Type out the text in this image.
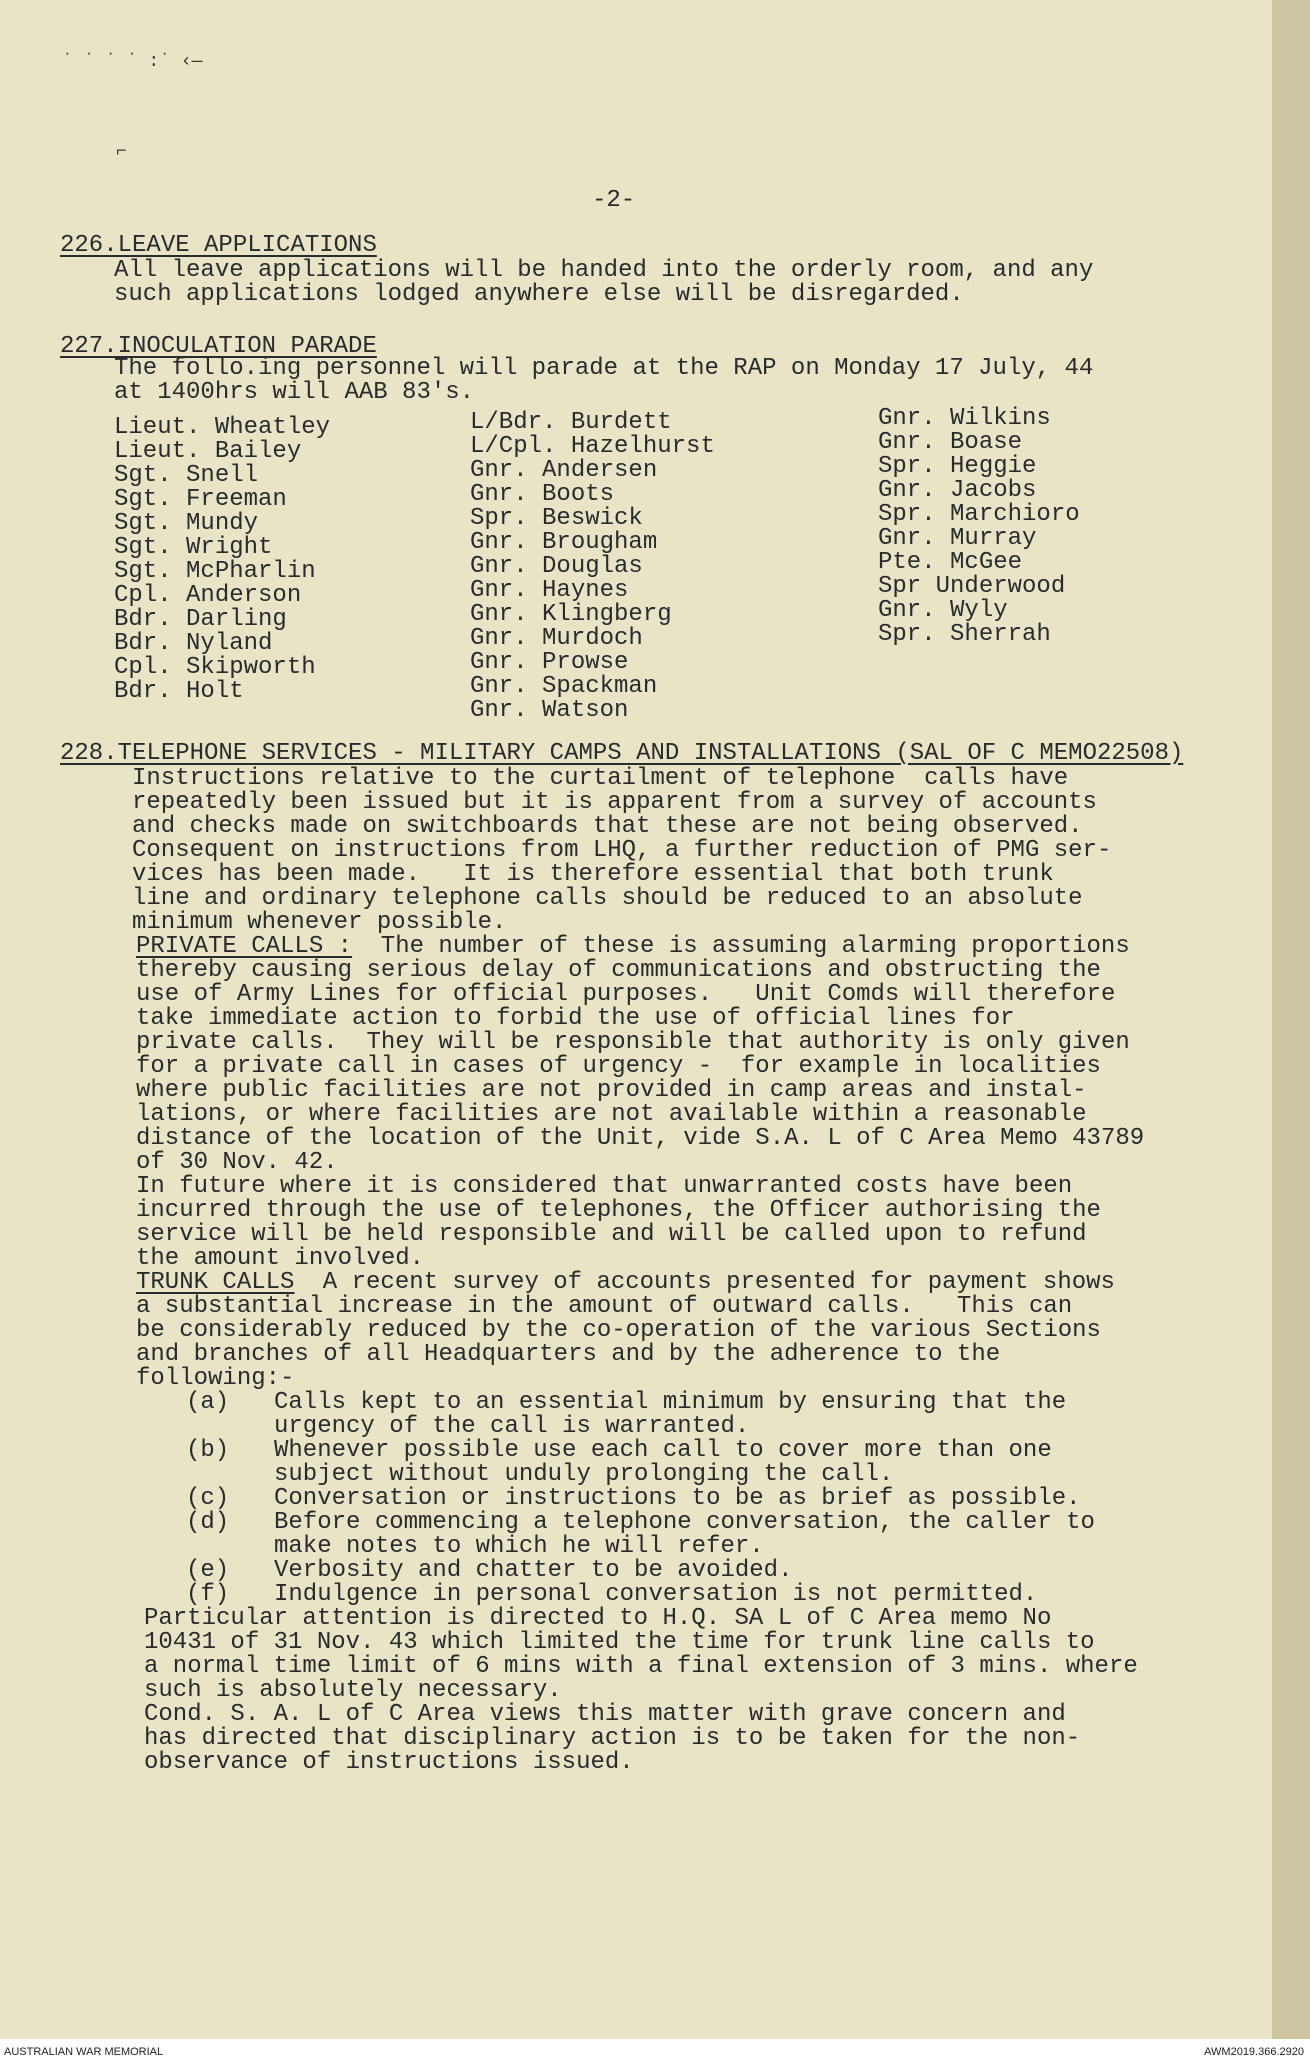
˙ ˙ ˙ ˙ :˙ ‹—
⌐

-2-

226.LEAVE APPLICATIONS

227.INOCULATION PARADE

Lieut. Wheatley
Lieut. Bailey
Sgt. Snell
Sgt. Freeman
Sgt. Mundy
Sgt. Wright
Sgt. McPharlin
Cpl. Anderson
Bdr. Darling
Bdr. Nyland
Cpl. Skipworth
Bdr. Holt
L/Bdr. Burdett
L/Cpl. Hazelhurst
Gnr. Andersen
Gnr. Boots
Spr. Beswick
Gnr. Brougham
Gnr. Douglas
Gnr. Haynes
Gnr. Klingberg
Gnr. Murdoch
Gnr. Prowse
Gnr. Spackman
Gnr. Watson
Gnr. Wilkins
Gnr. Boase
Spr. Heggie
Gnr. Jacobs
Spr. Marchioro
Gnr. Murray
Pte. McGee
Spr Underwood
Gnr. Wyly
Spr. Sherrah

228.TELEPHONE SERVICES - MILITARY CAMPS AND INSTALLATIONS (SAL OF C MEMO22508)

All leave applications will be handed into the orderly room, and any

such applications lodged anywhere else will be disregarded.

The follo.ing personnel will parade at the RAP on Monday 17 July, 44

at 1400hrs will AAB 83's.

Instructions relative to the curtailment of telephone  calls have

repeatedly been issued but it is apparent from a survey of accounts

and checks made on switchboards that these are not being observed.

Consequent on instructions from LHQ, a further reduction of PMG ser-

vices has been made.   It is therefore essential that both trunk

line and ordinary telephone calls should be reduced to an absolute

minimum whenever possible.

PRIVATE CALLS : The number of these is assuming alarming proportions

thereby causing serious delay of communications and obstructing the

use of Army Lines for official purposes.   Unit Comds will therefore

take immediate action to forbid the use of official lines for

private calls.  They will be responsible that authority is only given

for a private call in cases of urgency -  for example in localities

where public facilities are not provided in camp areas and instal-

lations, or where facilities are not available within a reasonable

distance of the location of the Unit, vide S.A. L of C Area Memo 43789

of 30 Nov. 42.

In future where it is considered that unwarranted costs have been

incurred through the use of telephones, the Officer authorising the

service will be held responsible and will be called upon to refund

the amount involved.

TRUNK CALLS A recent survey of accounts presented for payment shows

a substantial increase in the amount of outward calls.   This can

be considerably reduced by the co-operation of the various Sections

and branches of all Headquarters and by the adherence to the

following:-

(a) Calls kept to an essential minimum by ensuring that the

urgency of the call is warranted.

(b) Whenever possible use each call to cover more than one

subject without unduly prolonging the call.

(c) Conversation or instructions to be as brief as possible.

(d) Before commencing a telephone conversation, the caller to

make notes to which he will refer.

(e) Verbosity and chatter to be avoided.

(f) Indulgence in personal conversation is not permitted.

Particular attention is directed to H.Q. SA L of C Area memo No

10431 of 31 Nov. 43 which limited the time for trunk line calls to

a normal time limit of 6 mins with a final extension of 3 mins. where

such is absolutely necessary.

Cond. S. A. L of C Area views this matter with grave concern and

has directed that disciplinary action is to be taken for the non-

observance of instructions issued.

AUSTRALIAN WAR MEMORIAL	AWM2019.366.2920
